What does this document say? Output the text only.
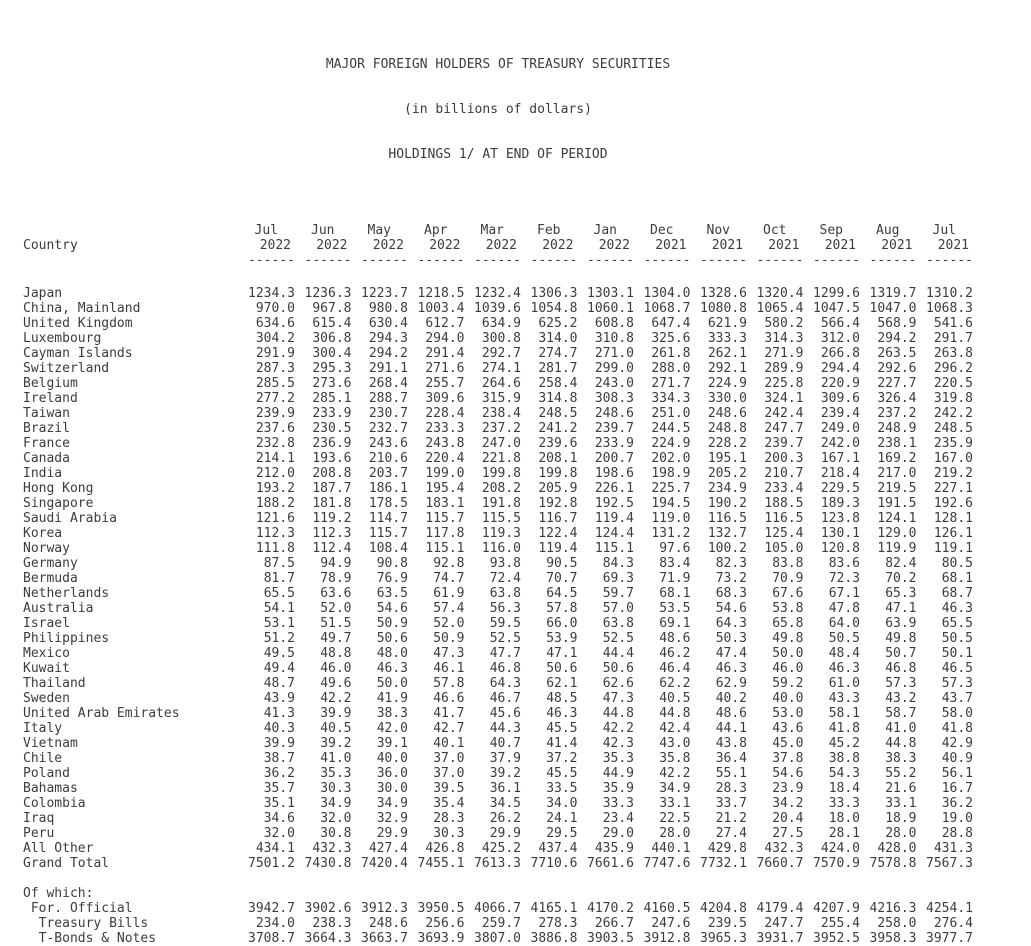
MAJOR FOREIGN HOLDERS OF TREASURY SECURITIES

(in billions of dollars)

HOLDINGS 1/ AT END OF PERIOD

Jul	Jun	May	Apr	Mar	Feb	Jan	Dec	Nov	Oct	Sep	Aug	Jul
Country	2022	2022	2022	2022	2022	2022	2022	2021	2021	2021	2021	2021	2021
------ ------ ------ ------ ------ ------ ------ ------ ------ ------ ------ ------ ------
Japan	1234.3 1236.3 1223.7 1218.5 1232.4 1306.3 1303.1 1304.0 1328.6 1320.4 1299.6 1319.7 1310.2
China, Mainland	970.0	967.8	980.8 1003.4 1039.6 1054.8 1060.1 1068.7 1080.8 1065.4 1047.5 1047.0 1068.3
United Kingdom	634.6	615.4	630.4	612.7	634.9	625.2	608.8	647.4	621.9	580.2	566.4	568.9	541.6
Luxembourg	304.2	306.8	294.3	294.0	300.8	314.0	310.8	325.6	333.3	314.3	312.0	294.2	291.7
Cayman Islands	291.9	300.4	294.2	291.4	292.7	274.7	271.0	261.8	262.1	271.9	266.8	263.5	263.8
Switzerland	287.3	295.3	291.1	271.6	274.1	281.7	299.0	288.0	292.1	289.9	294.4	292.6	296.2
Belgium	285.5	273.6	268.4	255.7	264.6	258.4	243.0	271.7	224.9	225.8	220.9	227.7	220.5
Ireland	277.2	285.1	288.7	309.6	315.9	314.8	308.3	334.3	330.0	324.1	309.6	326.4	319.8
Taiwan	239.9	233.9	230.7	228.4	238.4	248.5	248.6	251.0	248.6	242.4	239.4	237.2	242.2
Brazil	237.6	230.5	232.7	233.3	237.2	241.2	239.7	244.5	248.8	247.7	249.0	248.9	248.5
France	232.8	236.9	243.6	243.8	247.0	239.6	233.9	224.9	228.2	239.7	242.0	238.1	235.9
Canada	214.1	193.6	210.6	220.4	221.8	208.1	200.7	202.0	195.1	200.3	167.1	169.2	167.0
India	212.0	208.8	203.7	199.0	199.8	199.8	198.6	198.9	205.2	210.7	218.4	217.0	219.2
Hong Kong	193.2	187.7	186.1	195.4	208.2	205.9	226.1	225.7	234.9	233.4	229.5	219.5	227.1
Singapore	188.2	181.8	178.5	183.1	191.8	192.8	192.5	194.5	190.2	188.5	189.3	191.5	192.6
Saudi Arabia	121.6	119.2	114.7	115.7	115.5	116.7	119.4	119.0	116.5	116.5	123.8	124.1	128.1
Korea	112.3	112.3	115.7	117.8	119.3	122.4	124.4	131.2	132.7	125.4	130.1	129.0	126.1
Norway	111.8	112.4	108.4	115.1	116.0	119.4	115.1	97.6	100.2	105.0	120.8	119.9	119.1
Germany	87.5	94.9	90.8	92.8	93.8	90.5	84.3	83.4	82.3	83.8	83.6	82.4	80.5
Bermuda	81.7	78.9	76.9	74.7	72.4	70.7	69.3	71.9	73.2	70.9	72.3	70.2	68.1
Netherlands	65.5	63.6	63.5	61.9	63.8	64.5	59.7	68.1	68.3	67.6	67.1	65.3	68.7
Australia	54.1	52.0	54.6	57.4	56.3	57.8	57.0	53.5	54.6	53.8	47.8	47.1	46.3
Israel	53.1	51.5	50.9	52.0	59.5	66.0	63.8	69.1	64.3	65.8	64.0	63.9	65.5
Philippines	51.2	49.7	50.6	50.9	52.5	53.9	52.5	48.6	50.3	49.8	50.5	49.8	50.5
Mexico	49.5	48.8	48.0	47.3	47.7	47.1	44.4	46.2	47.4	50.0	48.4	50.7	50.1
Kuwait	49.4	46.0	46.3	46.1	46.8	50.6	50.6	46.4	46.3	46.0	46.3	46.8	46.5
Thailand	48.7	49.6	50.0	57.8	64.3	62.1	62.6	62.2	62.9	59.2	61.0	57.3	57.3
Sweden	43.9	42.2	41.9	46.6	46.7	48.5	47.3	40.5	40.2	40.0	43.3	43.2	43.7
United Arab Emirates	41.3	39.9	38.3	41.7	45.6	46.3	44.8	44.8	48.6	53.0	58.1	58.7	58.0
Italy	40.3	40.5	42.0	42.7	44.3	45.5	42.2	42.4	44.1	43.6	41.8	41.0	41.8
Vietnam	39.9	39.2	39.1	40.1	40.7	41.4	42.3	43.0	43.8	45.0	45.2	44.8	42.9
Chile	38.7	41.0	40.0	37.0	37.9	37.2	35.3	35.8	36.4	37.8	38.8	38.3	40.9
Poland	36.2	35.3	36.0	37.0	39.2	45.5	44.9	42.2	55.1	54.6	54.3	55.2	56.1
Bahamas	35.7	30.3	30.0	39.5	36.1	33.5	35.9	34.9	28.3	23.9	18.4	21.6	16.7
Colombia	35.1	34.9	34.9	35.4	34.5	34.0	33.3	33.1	33.7	34.2	33.3	33.1	36.2
Iraq	34.6	32.0	32.9	28.3	26.2	24.1	23.4	22.5	21.2	20.4	18.0	18.9	19.0
Peru	32.0	30.8	29.9	30.3	29.9	29.5	29.0	28.0	27.4	27.5	28.1	28.0	28.8
All Other	434.1	432.3	427.4	426.8	425.2	437.4	435.9	440.1	429.8	432.3	424.0	428.0	431.3
Grand Total	7501.2 7430.8 7420.4 7455.1 7613.3 7710.6 7661.6 7747.6 7732.1 7660.7 7570.9 7578.8 7567.3
Of which:
For. Official	3942.7 3902.6 3912.3 3950.5 4066.7 4165.1 4170.2 4160.5 4204.8 4179.4 4207.9 4216.3 4254.1
Treasury Bills	234.0	238.3	248.6	256.6	259.7	278.3	266.7	247.6	239.5	247.7	255.4	258.0	276.4
T-Bonds & Notes	3708.7 3664.3 3663.7 3693.9 3807.0 3886.8 3903.5 3912.8 3965.3 3931.7 3952.5 3958.3 3977.7
